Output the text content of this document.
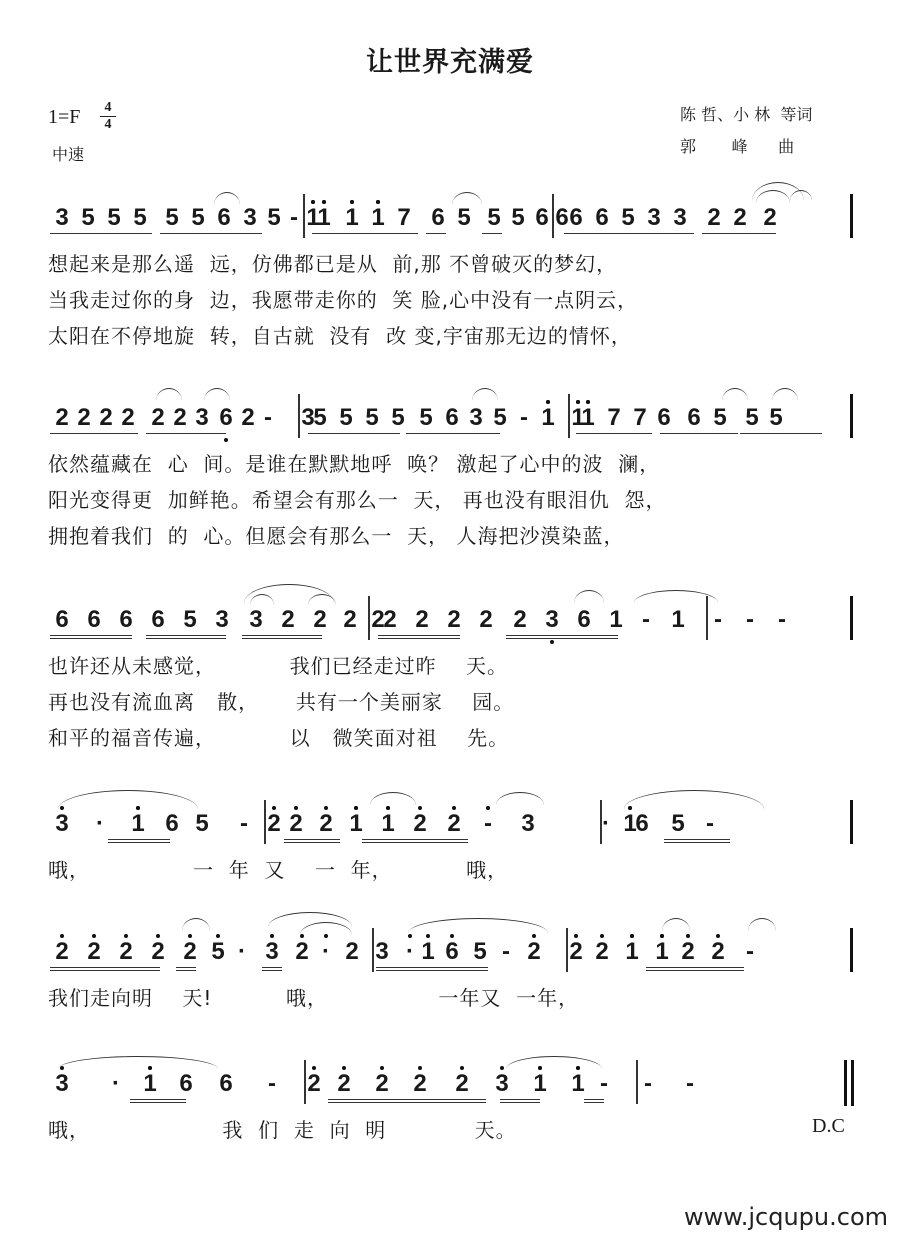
让世界充满爱
1=F	4
4
中速
陈 哲、小 林  等词
郭       峰      曲
3 5 5 5 5 5 6 3 5 - 1
1 1 1 7 6 5 5 5 6 6 6 6 5 3 3 2 2 2
想起来是那么遥  远，仿佛都已是从  前,那 不曾破灭的梦幻，
当我走过你的身  边，我愿带走你的  笑 脸,心中没有一点阴云，
太阳在不停地旋  转，自古就  没有  改 变,宇宙那无边的情怀，
2 2 2 2 2 2 3 6 2 - 3
5 5 5 5 5 6 3 5 - 1 1
1 7 7 6 6 5 5 5
依然蕴藏在  心  间。是谁在默默地呼  唤？ 激起了心中的波  澜，
阳光变得更  加鲜艳。希望会有那么一  天， 再也没有眼泪仇  怨，
拥抱着我们  的  心。但愿会有那么一  天， 人海把沙漠染蓝，
6 6 6 6 5 3 3 2 2 2 2
2 2 2 2 2 3 6 1 - 1 - - -
也许还从未感觉，          我们已经走过昨    天。
再也没有流血离   散，     共有一个美丽家    园。
和平的福音传遍，          以   微笑面对祖    先。
3 · 1 6 5 - 2 2 2 1 1 2 2 - 3	· 1
6 5 -
哦，              一  年  又    一  年，          哦，
2 2 2 2 2 5 · 3 2 · 2 3 · 1 6 5 - 2 2 2 1 1 2 2 -
我们走向明    天!          哦，               一年又  一年，
3 · 1 6 6 - 2 2 2 2 2 3 1 1 - - -
哦，                  我  们  走  向  明            天。	D.C
www.jcqupu.com
